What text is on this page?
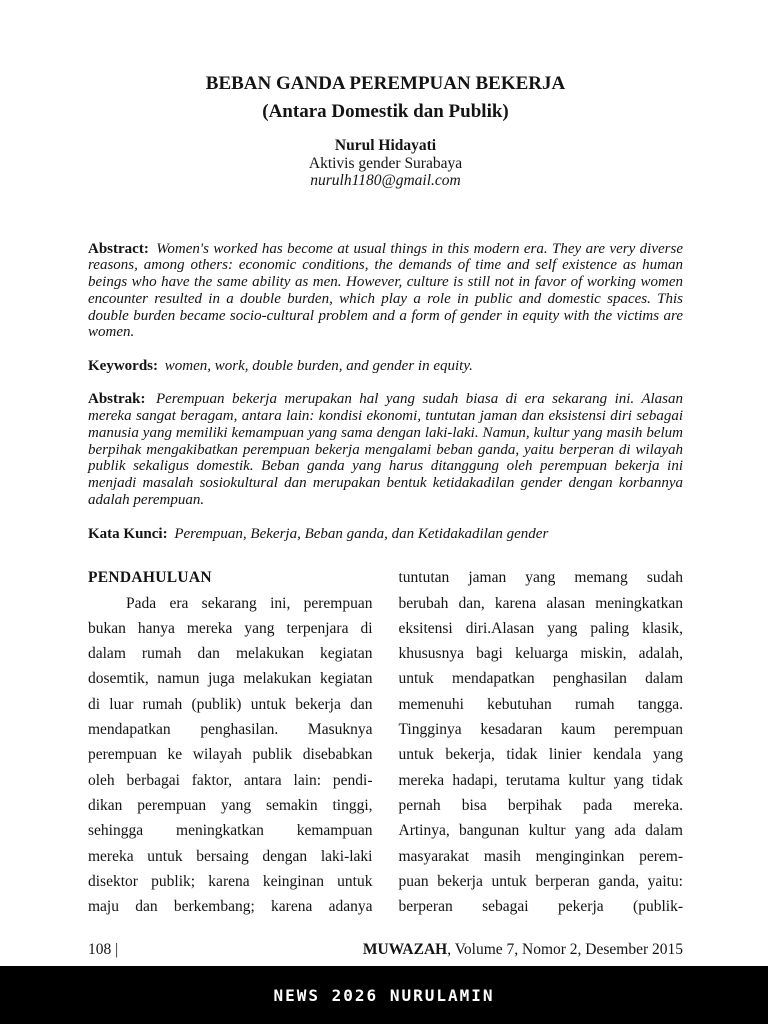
BEBAN GANDA PEREMPUAN BEKERJA
(Antara Domestik dan Publik)
Nurul Hidayati
Aktivis gender Surabaya
nurulh1180@gmail.com

Abstract: Women's worked has become at usual things in this modern era. They are very diverse reasons, among others: economic conditions, the demands of time and self existence as human beings who have the same ability as men. However, culture is still not in favor of working women encounter resulted in a double burden, which play a role in public and domestic spaces. This double burden became socio-cultural problem and a form of gender in equity with the victims are women.

Keywords: women, work, double burden, and gender in equity.

Abstrak: Perempuan bekerja merupakan hal yang sudah biasa di era sekarang ini. Alasan mereka sangat beragam, antara lain: kondisi ekonomi, tuntutan jaman dan eksistensi diri sebagai manusia yang memiliki kemampuan yang sama dengan laki-laki. Namun, kultur yang masih belum berpihak mengakibatkan perempuan bekerja mengalami beban ganda, yaitu berperan di wilayah publik sekaligus domestik. Beban ganda yang harus ditanggung oleh perempuan bekerja ini menjadi masalah sosiokultural dan merupakan bentuk ketidakadilan gender dengan korbannya adalah perempuan.

Kata Kunci: Perempuan, Bekerja, Beban ganda, dan Ketidakadilan gender

PENDAHULUAN
Pada era sekarang ini, perempuan
bukan hanya mereka yang terpenjara di
dalam rumah dan melakukan kegiatan
dosemtik, namun juga melakukan kegiatan
di luar rumah (publik) untuk bekerja dan
mendapatkan penghasilan. Masuknya
perempuan ke wilayah publik disebabkan
oleh berbagai faktor, antara lain: pendi-
dikan perempuan yang semakin tinggi,
sehingga meningkatkan kemampuan
mereka untuk bersaing dengan laki-laki
disektor publik; karena keinginan untuk
maju dan berkembang; karena adanya
tuntutan jaman yang memang sudah
berubah dan, karena alasan meningkatkan
eksitensi diri.Alasan yang paling klasik,
khususnya bagi keluarga miskin, adalah,
untuk mendapatkan penghasilan dalam
memenuhi kebutuhan rumah tangga.
Tingginya kesadaran kaum perempuan
untuk bekerja, tidak linier kendala yang
mereka hadapi, terutama kultur yang tidak
pernah bisa berpihak pada mereka.
Artinya, bangunan kultur yang ada dalam
masyarakat masih menginginkan perem-
puan bekerja untuk berperan ganda, yaitu:
berperan sebagai pekerja (publik-
108 |	MUWAZAH, Volume 7, Nomor 2, Desember 2015
NEWS 2026 NURULAMIN
